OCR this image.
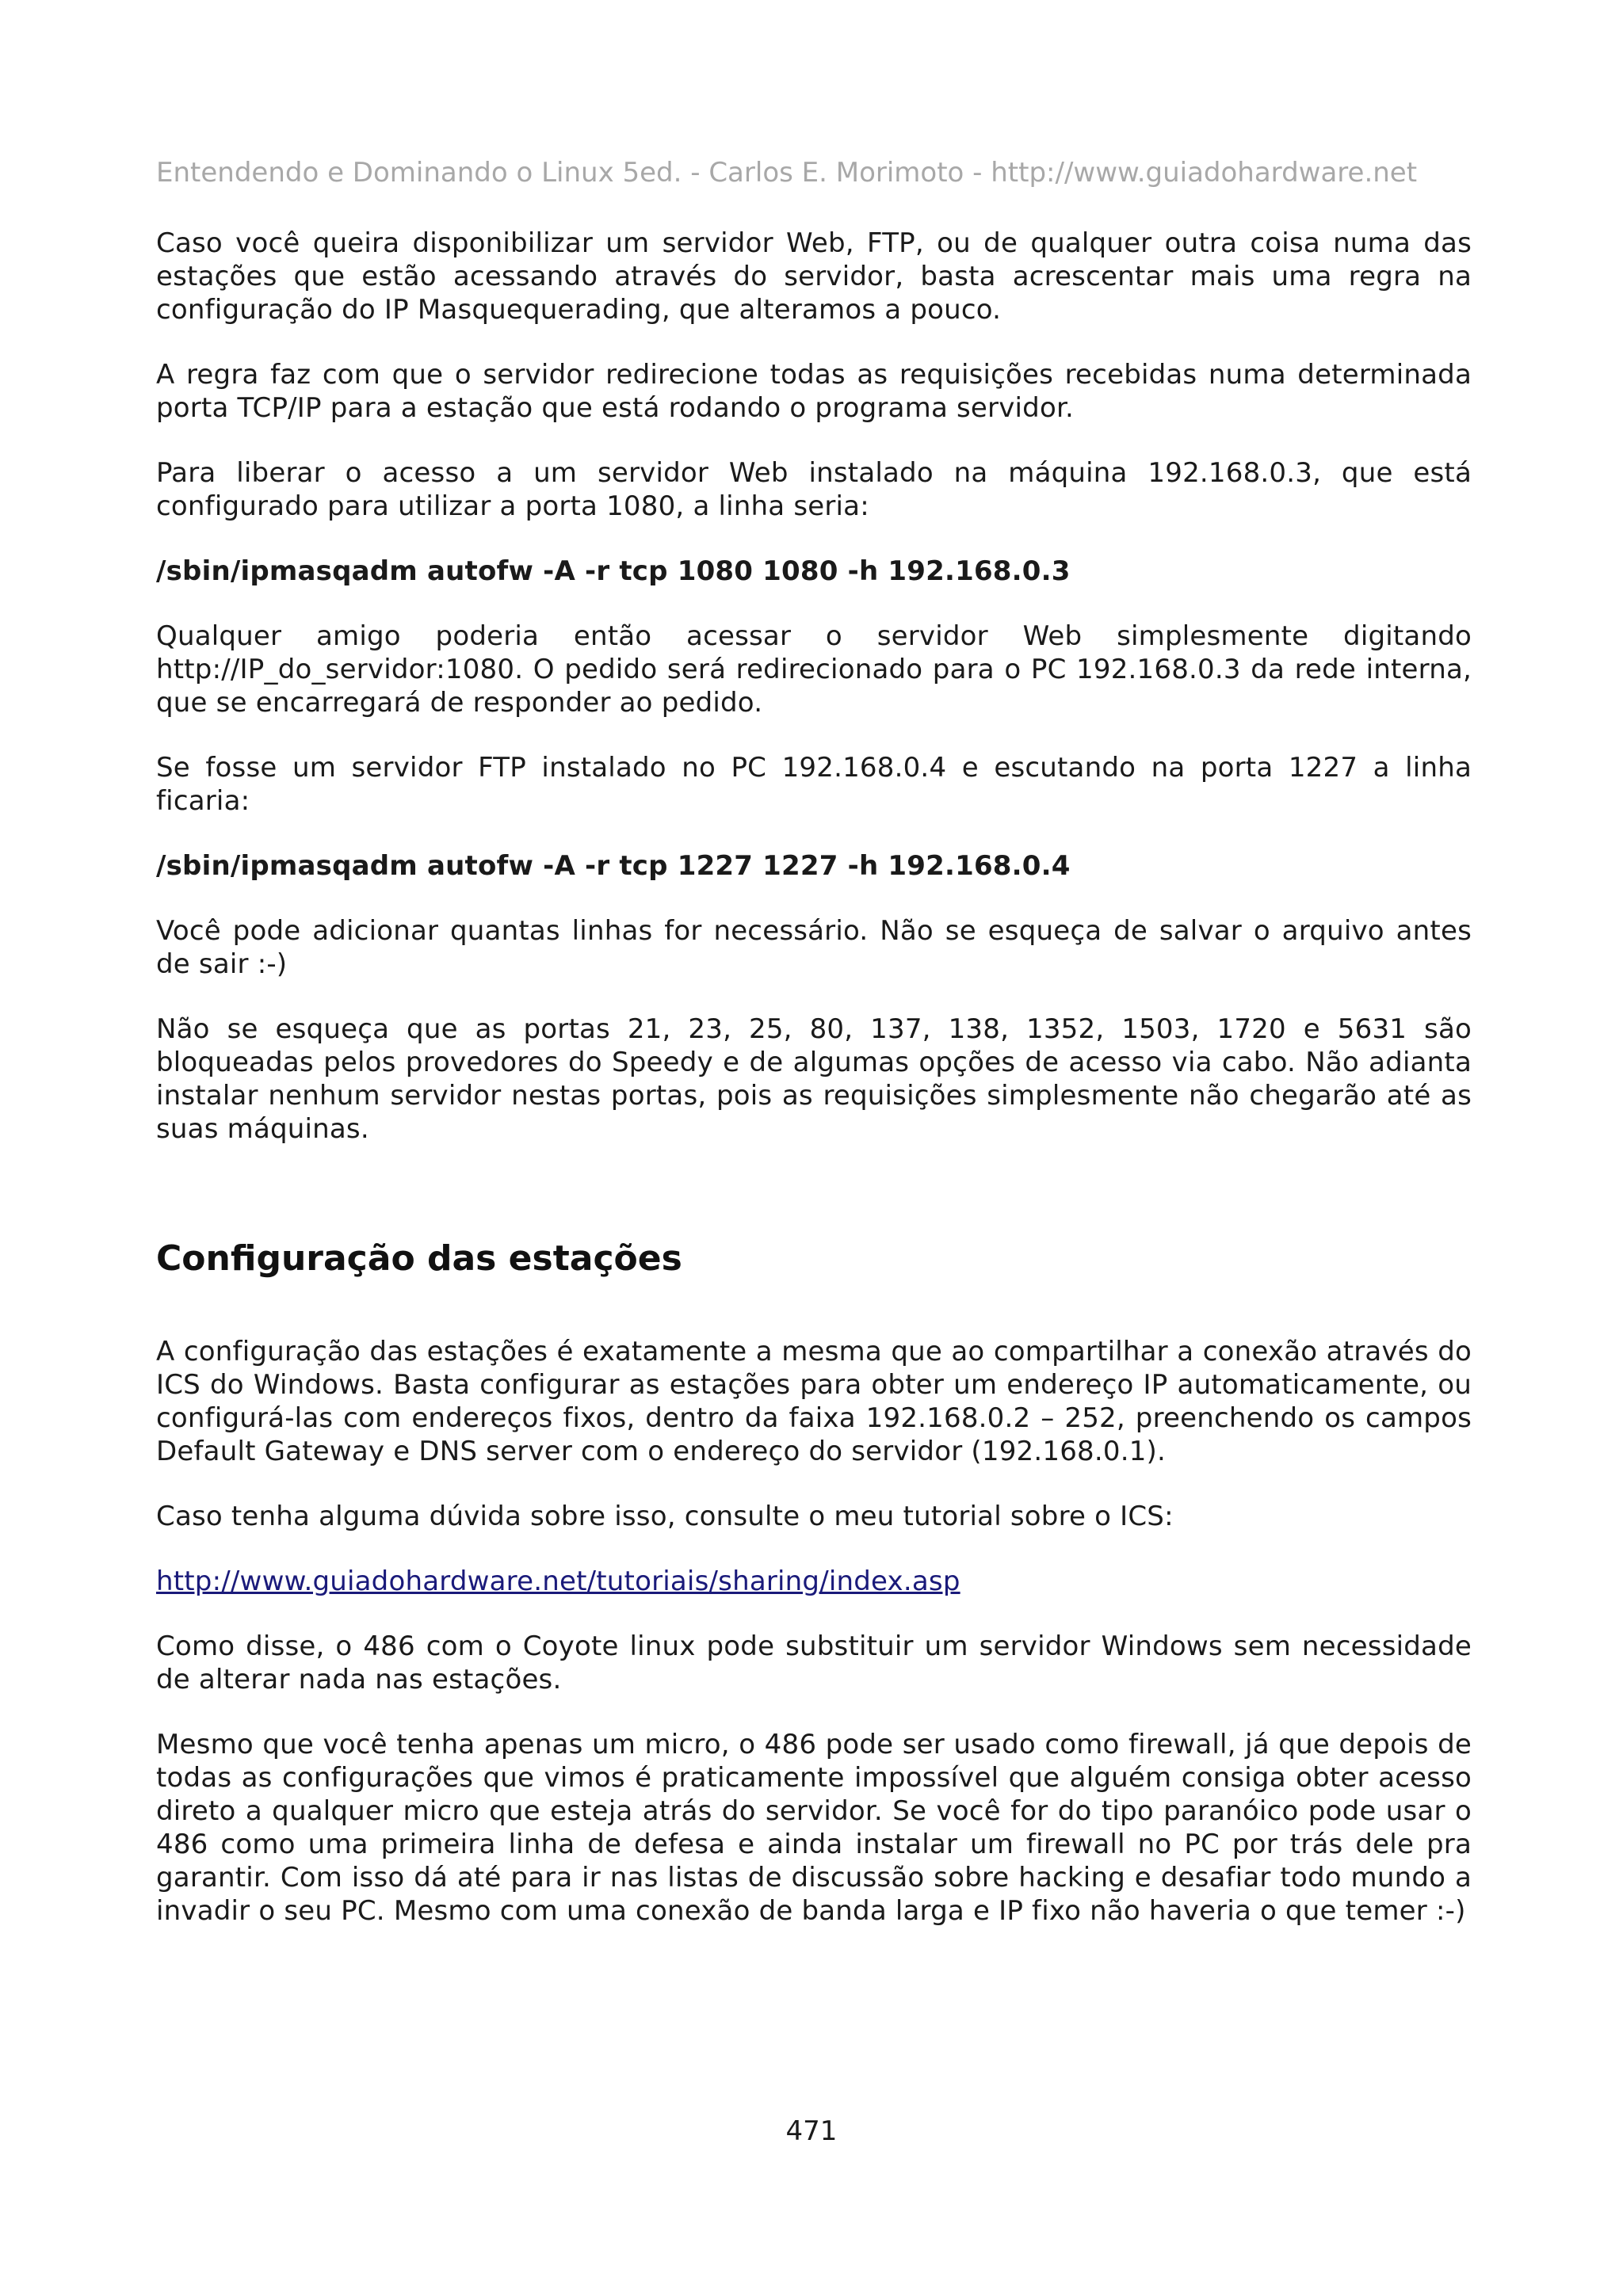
Entendendo e Dominando o Linux 5ed. - Carlos E. Morimoto - http://www.guiadohardware.net

Caso você queira disponibilizar um servidor Web, FTP, ou de qualquer outra coisa numa das estações que estão acessando através do servidor, basta acrescentar mais uma regra na configuração do IP Masquequerading, que alteramos a pouco.

A regra faz com que o servidor redirecione todas as requisições recebidas numa determinada porta TCP/IP para a estação que está rodando o programa servidor.

Para liberar o acesso a um servidor Web instalado na máquina 192.168.0.3, que está configurado para utilizar a porta 1080, a linha seria:

/sbin/ipmasqadm autofw -A -r tcp 1080 1080 -h 192.168.0.3

Qualquer amigo poderia então acessar o servidor Web simplesmente digitando http://IP_do_servidor:1080. O pedido será redirecionado para o PC 192.168.0.3 da rede interna, que se encarregará de responder ao pedido.

Se fosse um servidor FTP instalado no PC 192.168.0.4 e escutando na porta 1227 a linha ficaria:

/sbin/ipmasqadm autofw -A -r tcp 1227 1227 -h 192.168.0.4

Você pode adicionar quantas linhas for necessário. Não se esqueça de salvar o arquivo antes de sair :-)

Não se esqueça que as portas 21, 23, 25, 80, 137, 138, 1352, 1503, 1720 e 5631 são bloqueadas pelos provedores do Speedy e de algumas opções de acesso via cabo. Não adianta instalar nenhum servidor nestas portas, pois as requisições simplesmente não chegarão até as suas máquinas.

Configuração das estações

A configuração das estações é exatamente a mesma que ao compartilhar a conexão através do ICS do Windows. Basta configurar as estações para obter um endereço IP automaticamente, ou configurá-las com endereços fixos, dentro da faixa 192.168.0.2 – 252, preenchendo os campos Default Gateway e DNS server com o endereço do servidor (192.168.0.1).

Caso tenha alguma dúvida sobre isso, consulte o meu tutorial sobre o ICS:

http://www.guiadohardware.net/tutoriais/sharing/index.asp

Como disse, o 486 com o Coyote linux pode substituir um servidor Windows sem necessidade de alterar nada nas estações.

Mesmo que você tenha apenas um micro, o 486 pode ser usado como firewall, já que depois de todas as configurações que vimos é praticamente impossível que alguém consiga obter acesso direto a qualquer micro que esteja atrás do servidor. Se você for do tipo paranóico pode usar o 486 como uma primeira linha de defesa e ainda instalar um firewall no PC por trás dele pra garantir. Com isso dá até para ir nas listas de discussão sobre hacking e desafiar todo mundo a invadir o seu PC. Mesmo com uma conexão de banda larga e IP fixo não haveria o que temer :-)

471
